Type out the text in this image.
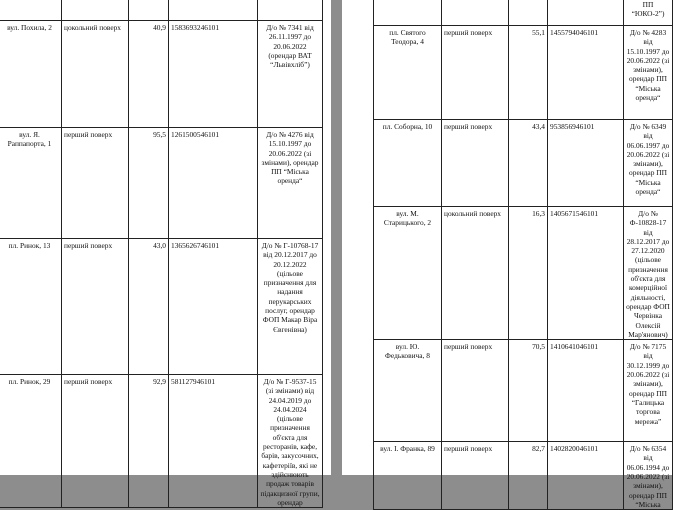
вул. Похила, 2	цокольний поверх	40,9	1583693246101	Д/о № 7341 від 26.11.1997 до 20.06.2022 (орендар ВАТ “Львівхліб”)
вул. Я. Раппапорта, 1	перший поверх	95,5	1261500546101	Д/о № 4276 від 15.10.1997 до 20.06.2022 (зі змінами), орендар ПП “Міська оренда“
пл. Ринок, 13	перший поверх	43,0	1365626746101	Д/о № Г-10768-17 від 20.12.2017 до 20.12.2022 (цільове призначення для надання перукарських послуг, орендар ФОП Макар Віра Євгенівна)
пл. Ринок, 29	перший поверх	92,9	581127946101	Д/о № Г-9537-15 (зі змінами) від 24.04.2019 до 24.04.2024 (цільове призначення об'єкта для ресторанів, кафе, барів, закусочних, кафетеріїв, які не здійснюють продаж товарів підакцизної групи, орендар
				ПП “ЮКО-2”)
пл. Святого Теодора, 4	перший поверх	55,1	1455794046101	Д/о № 4283 від 15.10.1997 до 20.06.2022 (зі змінами), орендар ПП “Міська оренда“
пл. Соборна, 10	перший поверх	43,4	953856946101	Д/о № 6349 від 06.06.1997 до 20.06.2022 (зі змінами), орендар ПП “Міська оренда“
вул. М. Старицького, 2	цокольний поверх	16,3	1405671546101	Д/о № Ф-10828-17 від 28.12.2017 до 27.12.2020 (цільове призначення об'єкта для комерційної діяльності, орендар ФОП Червінка Олексій Мар'янович)
вул. Ю. Федьковича, 8	перший поверх	70,5	1410641046101	Д/о № 7175 від 30.12.1999 до 20.06.2022 (зі змінами), орендар ПП “Галицька торгова мережа”
вул. І. Франка, 89	перший поверх	82,7	1402820046101	Д/о № 6354 від 06.06.1994 до 20.06.2022 (зі змінами), орендар ПП “Міська
